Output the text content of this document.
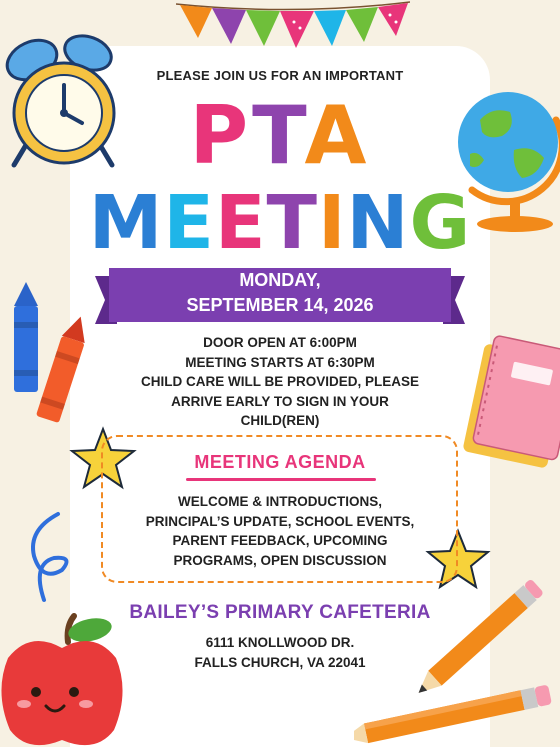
PLEASE JOIN US FOR AN IMPORTANT
PTA
MEETING
MONDAY,
SEPTEMBER 14, 2026
DOOR OPEN AT 6:00PM
MEETING STARTS AT 6:30PM
CHILD CARE WILL BE PROVIDED, PLEASE
ARRIVE EARLY TO SIGN IN YOUR
CHILD(REN)
MEETING AGENDA
WELCOME & INTRODUCTIONS,
PRINCIPAL’S UPDATE, SCHOOL EVENTS,
PARENT FEEDBACK, UPCOMING
PROGRAMS, OPEN DISCUSSION
BAILEY’S PRIMARY CAFETERIA
6111 KNOLLWOOD DR.
FALLS CHURCH, VA 22041
